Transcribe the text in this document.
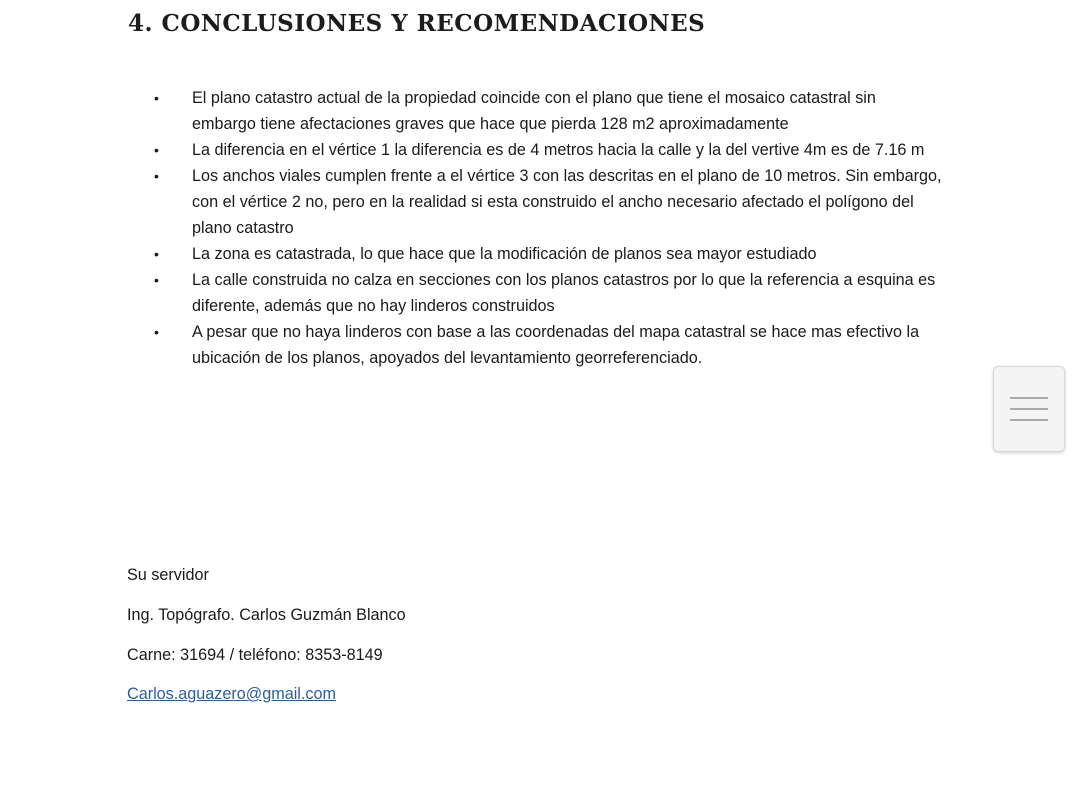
4. CONCLUSIONES Y RECOMENDACIONES
• El plano catastro actual de la propiedad coincide con el plano que tiene el mosaico catastral sin embargo tiene afectaciones graves que hace que pierda 128 m2 aproximadamente
• La diferencia en el vértice 1 la diferencia es de 4 metros hacia la calle y la del vertive 4m es de 7.16 m
• Los anchos viales cumplen frente a el vértice 3 con las descritas en el plano de 10 metros. Sin embargo, con el vértice 2 no, pero en la realidad si esta construido el ancho necesario afectado el polígono del plano catastro
• La zona es catastrada, lo que hace que la modificación de planos sea mayor estudiado
• La calle construida no calza en secciones con los planos catastros por lo que la referencia a esquina es diferente, además que no hay linderos construidos
• A pesar que no haya linderos con base a las coordenadas del mapa catastral se hace mas efectivo la ubicación de los planos, apoyados del levantamiento georreferenciado.

Su servidor

Ing. Topógrafo. Carlos Guzmán Blanco

Carne: 31694 / teléfono: 8353-8149

Carlos.aguazero@gmail.com
